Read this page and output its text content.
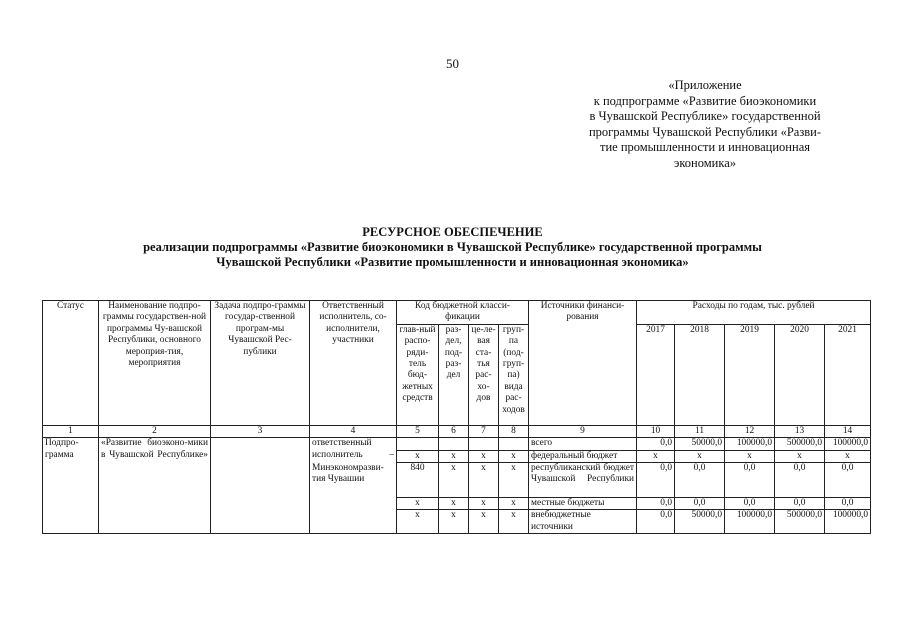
50
«Приложение
к подпрограмме «Развитие биоэкономики
в Чувашской Республике» государственной
программы Чувашской Республики «Разви-
тие промышленности и инновационная
экономика»
РЕСУРСНОЕ ОБЕСПЕЧЕНИЕ
реализации подпрограммы «Развитие биоэкономики в Чувашской Республике» государственной программы
Чувашской Республики «Развитие промышленности и инновационная экономика»
Статус	Наименование подпро-граммы государствен-ной программы Чу-вашской Республики, основного мероприя-тия, мероприятия	Задача подпро-граммы государ-ственной програм-мы Чувашской Рес-публики	Ответственный исполнитель, со-исполнители, участники	Код бюджетной класси-фикации				Источники финанси-рования	Расходы по годам, тыс. рублей				
				глав-ный распо-ряди-тель бюд-жетных средств	раз-дел, под-раз-дел	це-ле-вая ста-тья рас-хо-дов	груп-па (под-груп-па) вида рас-ходов		2017	2018	2019	2020	2021
1	2	3	4	5	6	7	8	9	10	11	12	13	14
Подпро-грамма	«Развитие биоэконо-мики в Чувашской Республике»		ответственный					всего	0,0	50000,0	100000,0	500000,0	100000,0
			исполнитель –	х	х	х	х	федеральный бюджет	х	х	х	х	х
			Минэкономразви-тия Чувашии	840	х	х	х	республиканский бюджет Чувашской Республики	0,0	0,0	0,0	0,0	0,0
				х	х	х	х	местные бюджеты	0,0	0,0	0,0	0,0	0,0
				х	х	х	х	внебюджетные источники	0,0	50000,0	100000,0	500000,0	100000,0
